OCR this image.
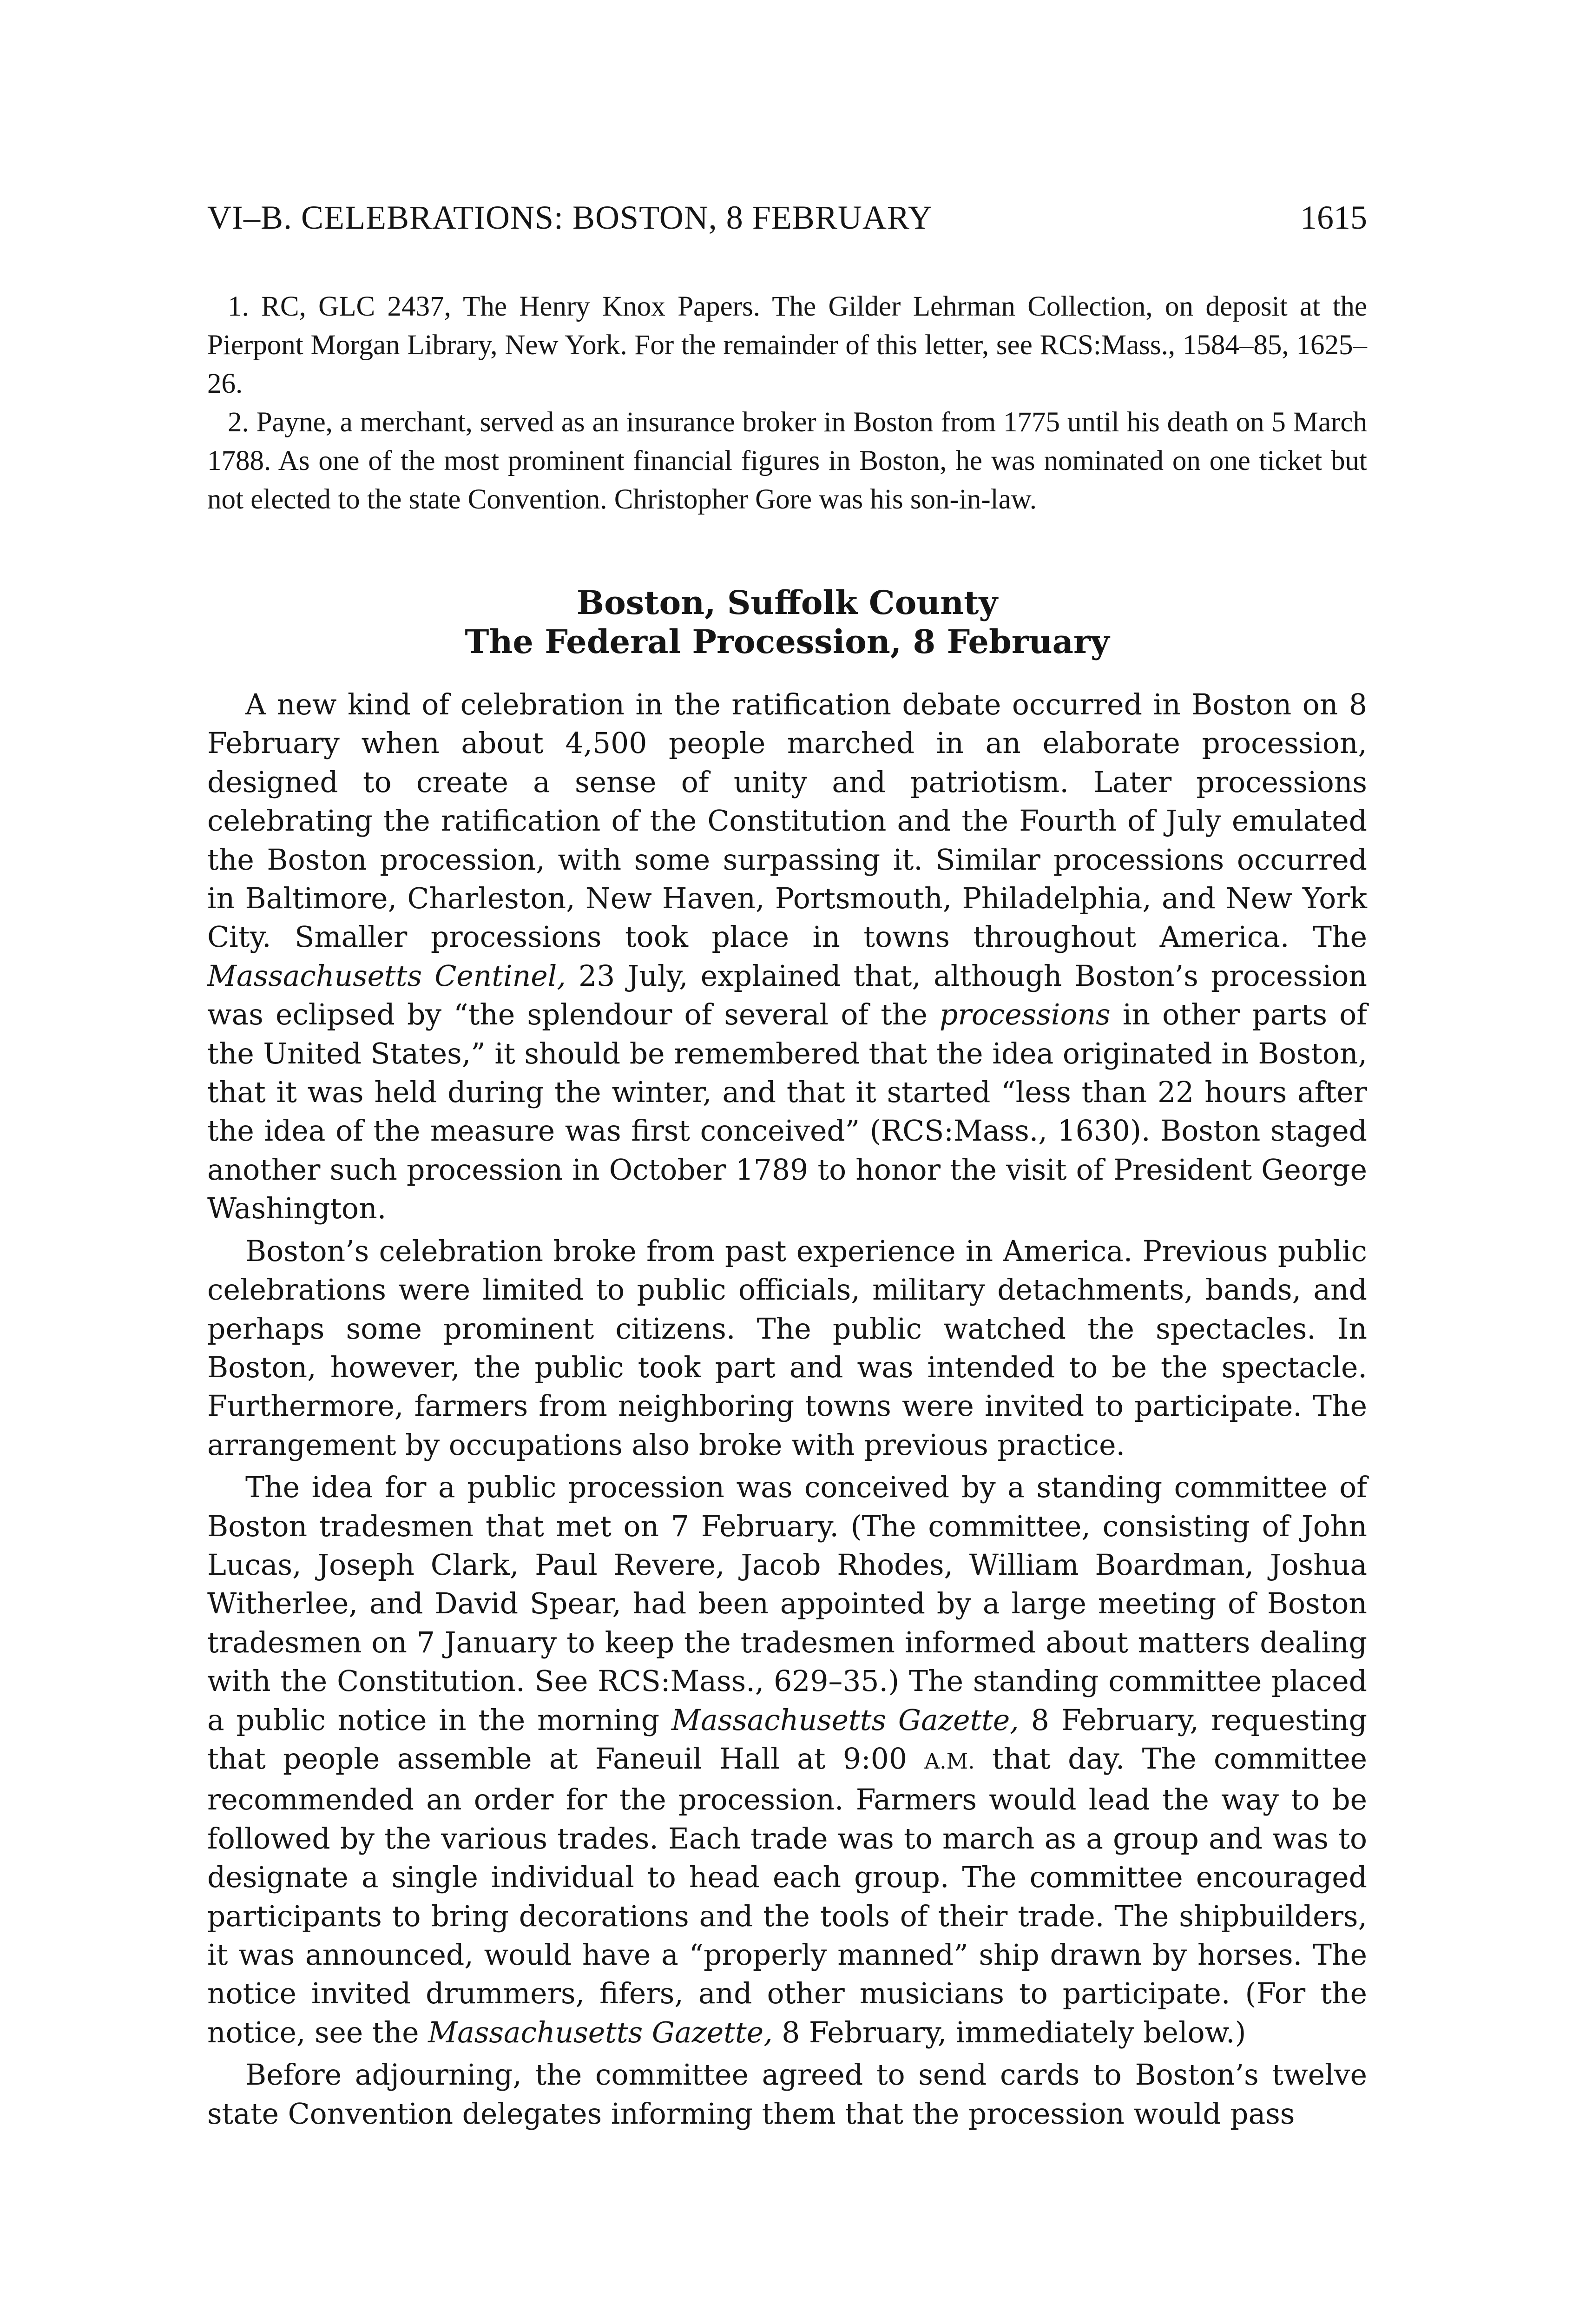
VI–B. CELEBRATIONS: BOSTON, 8 FEBRUARY	1615

1. RC, GLC 2437, The Henry Knox Papers. The Gilder Lehrman Collection, on deposit at the Pierpont Morgan Library, New York. For the remainder of this letter, see RCS:Mass., 1584–85, 1625–26.

2. Payne, a merchant, served as an insurance broker in Boston from 1775 until his death on 5 March 1788. As one of the most prominent financial figures in Boston, he was nominated on one ticket but not elected to the state Convention. Christopher Gore was his son-in-law.

Boston, Suffolk County
The Federal Procession, 8 February

A new kind of celebration in the ratification debate occurred in Boston on 8 February when about 4,500 people marched in an elaborate procession, designed to create a sense of unity and patriotism. Later processions celebrating the ratification of the Constitution and the Fourth of July emulated the Boston procession, with some surpassing it. Similar processions occurred in Baltimore, Charleston, New Haven, Portsmouth, Philadelphia, and New York City. Smaller processions took place in towns throughout America. The Massachusetts Centinel, 23 July, explained that, although Boston’s procession was eclipsed by “the splendour of several of the processions in other parts of the United States,” it should be remembered that the idea originated in Boston, that it was held during the winter, and that it started “less than 22 hours after the idea of the measure was first conceived” (RCS:Mass., 1630). Boston staged another such procession in October 1789 to honor the visit of President George Washington.

Boston’s celebration broke from past experience in America. Previous public celebrations were limited to public officials, military detachments, bands, and perhaps some prominent citizens. The public watched the spectacles. In Boston, however, the public took part and was intended to be the spectacle. Furthermore, farmers from neighboring towns were invited to participate. The arrangement by occupations also broke with previous practice.

The idea for a public procession was conceived by a standing committee of Boston tradesmen that met on 7 February. (The committee, consisting of John Lucas, Joseph Clark, Paul Revere, Jacob Rhodes, William Boardman, Joshua Witherlee, and David Spear, had been appointed by a large meeting of Boston tradesmen on 7 January to keep the tradesmen informed about matters dealing with the Constitution. See RCS:Mass., 629–35.) The standing committee placed a public notice in the morning Massachusetts Gazette, 8 February, requesting that people assemble at Faneuil Hall at 9:00 A.M. that day. The committee recommended an order for the procession. Farmers would lead the way to be followed by the various trades. Each trade was to march as a group and was to designate a single individual to head each group. The committee encouraged participants to bring decorations and the tools of their trade. The shipbuilders, it was announced, would have a “properly manned” ship drawn by horses. The notice invited drummers, fifers, and other musicians to participate. (For the notice, see the Massachusetts Gazette, 8 February, immediately below.)

Before adjourning, the committee agreed to send cards to Boston’s twelve state Convention delegates informing them that the procession would pass
